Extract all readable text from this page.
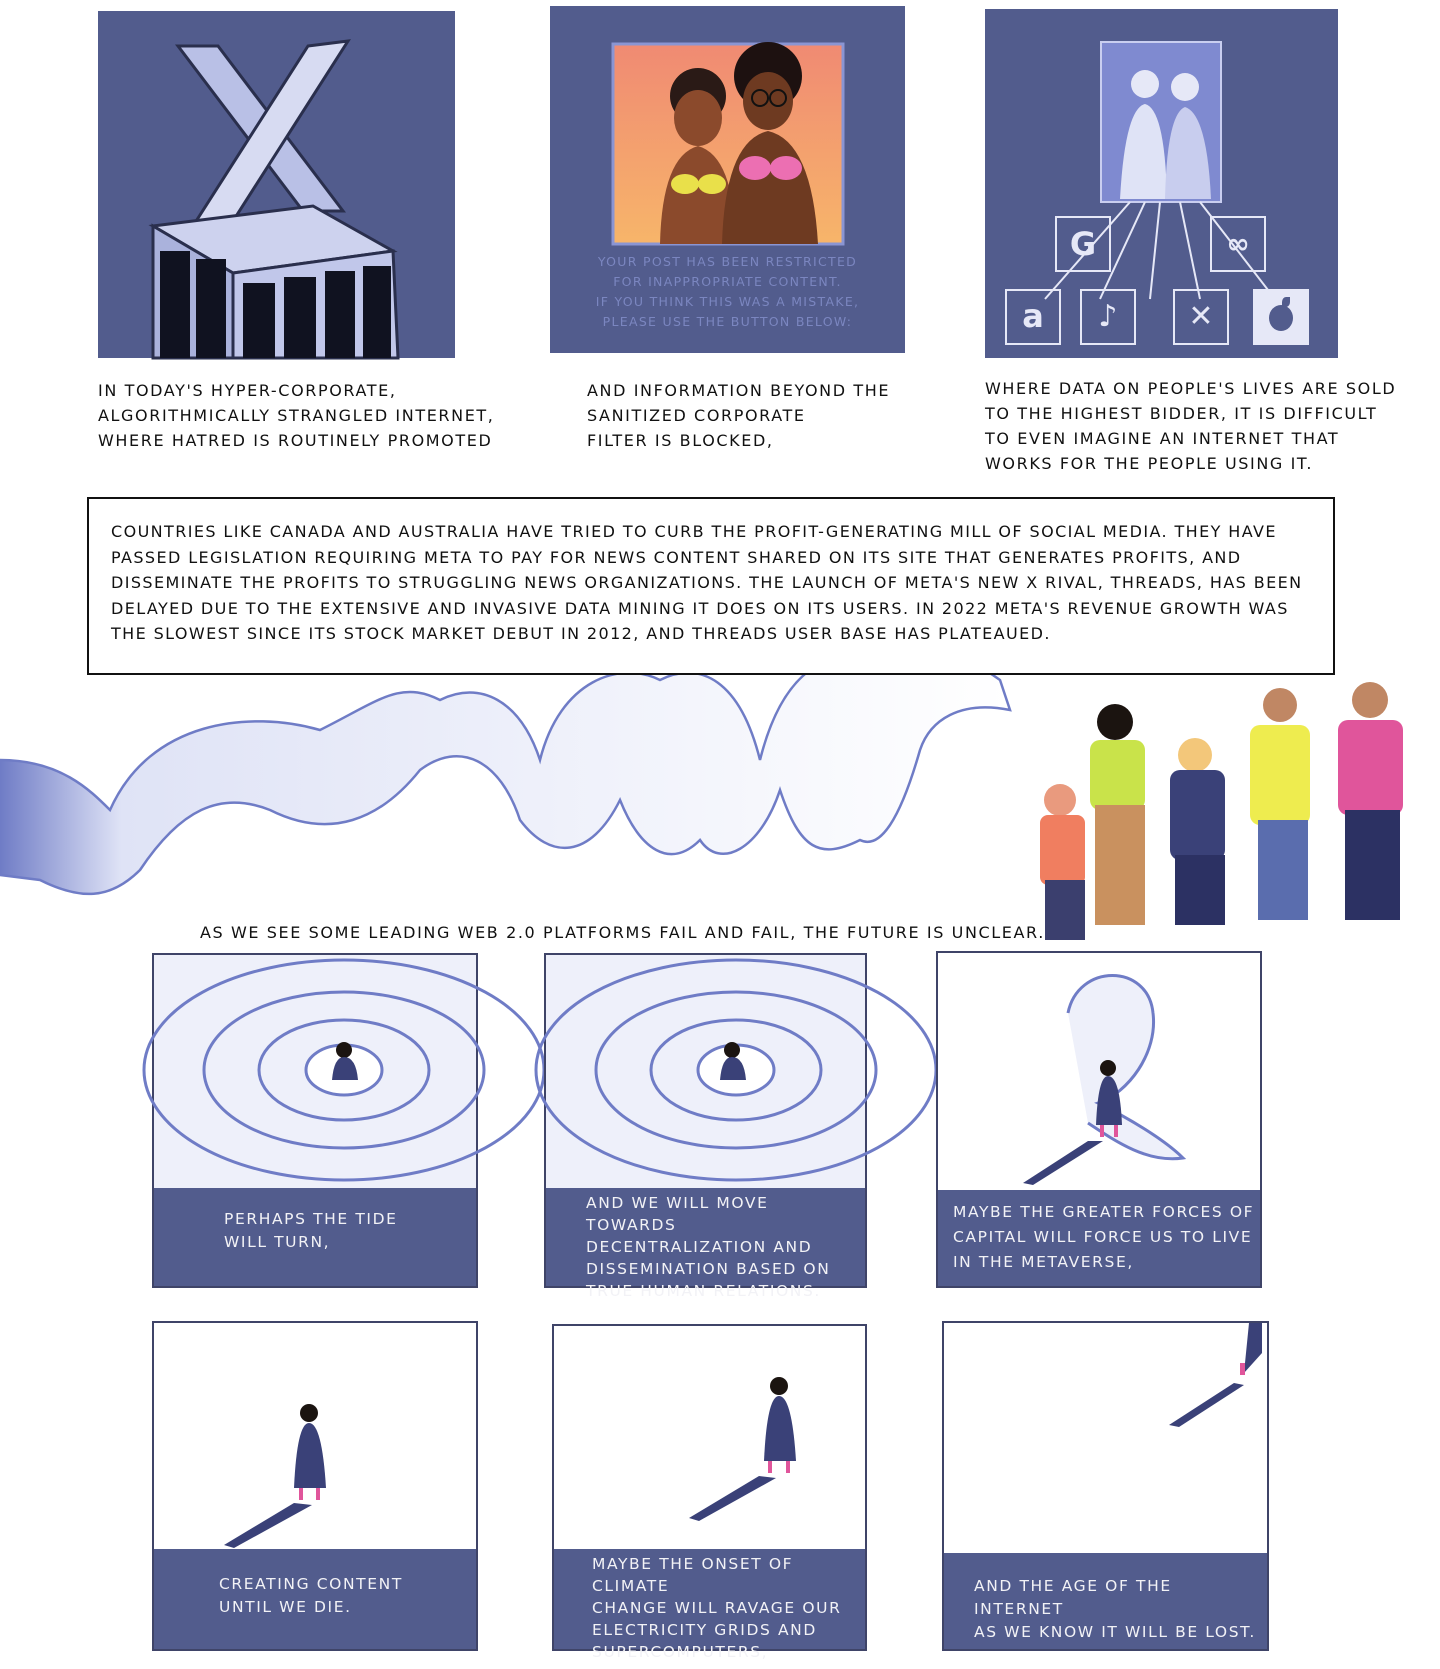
X
IN TODAY'S HYPER-CORPORATE,
ALGORITHMICALLY STRANGLED INTERNET,
WHERE HATRED IS ROUTINELY PROMOTED
YOUR POST HAS BEEN RESTRICTED
FOR INAPPROPRIATE CONTENT.
IF YOU THINK THIS WAS A MISTAKE,
PLEASE USE THE BUTTON BELOW:
AND INFORMATION BEYOND THE
SANITIZED CORPORATE
FILTER IS BLOCKED,
G	∞
a	♪	✕
WHERE DATA ON PEOPLE'S LIVES ARE SOLD
TO THE HIGHEST BIDDER, IT IS DIFFICULT
TO EVEN IMAGINE AN INTERNET THAT
WORKS FOR THE PEOPLE USING IT.
COUNTRIES LIKE CANADA AND AUSTRALIA HAVE TRIED TO CURB THE PROFIT-GENERATING MILL OF SOCIAL MEDIA. THEY HAVE PASSED LEGISLATION REQUIRING META TO PAY FOR NEWS CONTENT SHARED ON ITS SITE THAT GENERATES PROFITS, AND DISSEMINATE THE PROFITS TO STRUGGLING NEWS ORGANIZATIONS. THE LAUNCH OF META'S NEW X RIVAL, THREADS, HAS BEEN DELAYED DUE TO THE EXTENSIVE AND INVASIVE DATA MINING IT DOES ON ITS USERS. IN 2022 META'S REVENUE GROWTH WAS THE SLOWEST SINCE ITS STOCK MARKET DEBUT IN 2012, AND THREADS USER BASE HAS PLATEAUED.
AS WE SEE SOME LEADING WEB 2.0 PLATFORMS FAIL AND FAIL, THE FUTURE IS UNCLEAR.
PERHAPS THE TIDE
WILL TURN,
AND WE WILL MOVE TOWARDS
DECENTRALIZATION AND
DISSEMINATION BASED ON
TRUE HUMAN RELATIONS.
MAYBE THE GREATER FORCES OF
CAPITAL WILL FORCE US TO LIVE
IN THE METAVERSE,
CREATING CONTENT
UNTIL WE DIE.
MAYBE THE ONSET OF CLIMATE
CHANGE WILL RAVAGE OUR
ELECTRICITY GRIDS AND
SUPERCOMPUTERS,
AND THE AGE OF THE INTERNET
AS WE KNOW IT WILL BE LOST.
